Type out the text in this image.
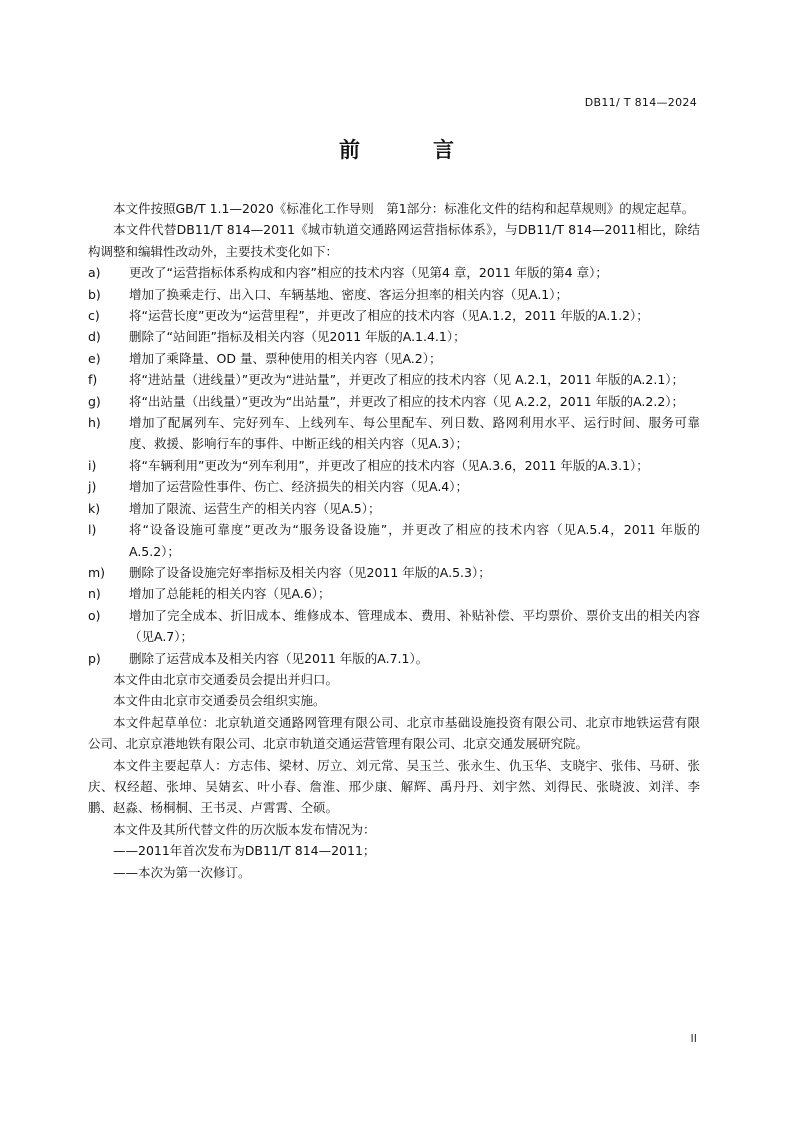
DB11/ T 814—2024
前　言

本文件按照GB/T 1.1—2020《标准化工作导则　第1部分：标准化文件的结构和起草规则》的规定起草。

本文件代替DB11/T 814—2011《城市轨道交通路网运营指标体系》，与DB11/T 814—2011相比，除结构调整和编辑性改动外，主要技术变化如下：

a)	更改了“运营指标体系构成和内容”相应的技术内容（见第4 章，2011 年版的第4 章）；
b)	增加了换乘走行、出入口、车辆基地、密度、客运分担率的相关内容（见A.1）；
c)	将“运营长度”更改为“运营里程”，并更改了相应的技术内容（见A.1.2，2011 年版的A.1.2）；
d)	删除了“站间距”指标及相关内容（见2011 年版的A.1.4.1）；
e)	增加了乘降量、OD 量、票种使用的相关内容（见A.2）；
f)	将“进站量（进线量）”更改为“进站量”，并更改了相应的技术内容（见 A.2.1，2011 年版的A.2.1）；
g)	将“出站量（出线量）”更改为“出站量”，并更改了相应的技术内容（见 A.2.2，2011 年版的A.2.2）；
h)	增加了配属列车、完好列车、上线列车、每公里配车、列日数、路网利用水平、运行时间、服务可靠度、救援、影响行车的事件、中断正线的相关内容（见A.3）；
i)	将“车辆利用”更改为“列车利用”，并更改了相应的技术内容（见A.3.6，2011 年版的A.3.1）；
j)	增加了运营险性事件、伤亡、经济损失的相关内容（见A.4）；
k)	增加了限流、运营生产的相关内容（见A.5）；
l)	将“设备设施可靠度”更改为“服务设备设施”，并更改了相应的技术内容（见A.5.4，2011 年版的A.5.2）；
m)	删除了设备设施完好率指标及相关内容（见2011 年版的A.5.3）；
n)	增加了总能耗的相关内容（见A.6）；
o)	增加了完全成本、折旧成本、维修成本、管理成本、费用、补贴补偿、平均票价、票价支出的相关内容（见A.7）；
p)	删除了运营成本及相关内容（见2011 年版的A.7.1）。

本文件由北京市交通委员会提出并归口。

本文件由北京市交通委员会组织实施。

本文件起草单位：北京轨道交通路网管理有限公司、北京市基础设施投资有限公司、北京市地铁运营有限公司、北京京港地铁有限公司、北京市轨道交通运营管理有限公司、北京交通发展研究院。

本文件主要起草人：方志伟、梁材、厉立、刘元常、吴玉兰、张永生、仇玉华、支晓宇、张伟、马研、张庆、权经超、张坤、吴婧玄、叶小春、詹淮、邢少康、解辉、禹丹丹、刘宇然、刘得民、张晓波、刘洋、李鹏、赵淼、杨桐桐、王书灵、卢霄霄、仝硕。

本文件及其所代替文件的历次版本发布情况为：

——2011年首次发布为DB11/T 814—2011；

——本次为第一次修订。

II
